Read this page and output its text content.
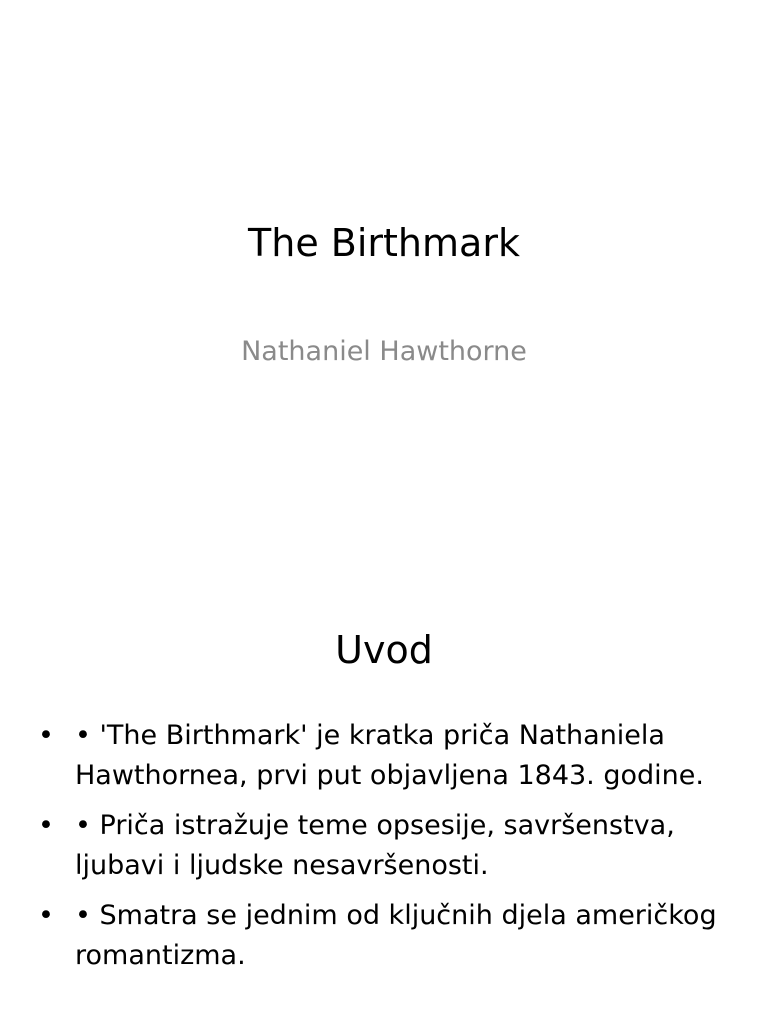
The Birthmark

Nathaniel Hawthorne

Uvod
• • 'The Birthmark' je kratka priča Nathaniela Hawthornea, prvi put objavljena 1843. godine.
• • Priča istražuje teme opsesije, savršenstva, ljubavi i ljudske nesavršenosti.
• • Smatra se jednim od ključnih djela američkog romantizma.
